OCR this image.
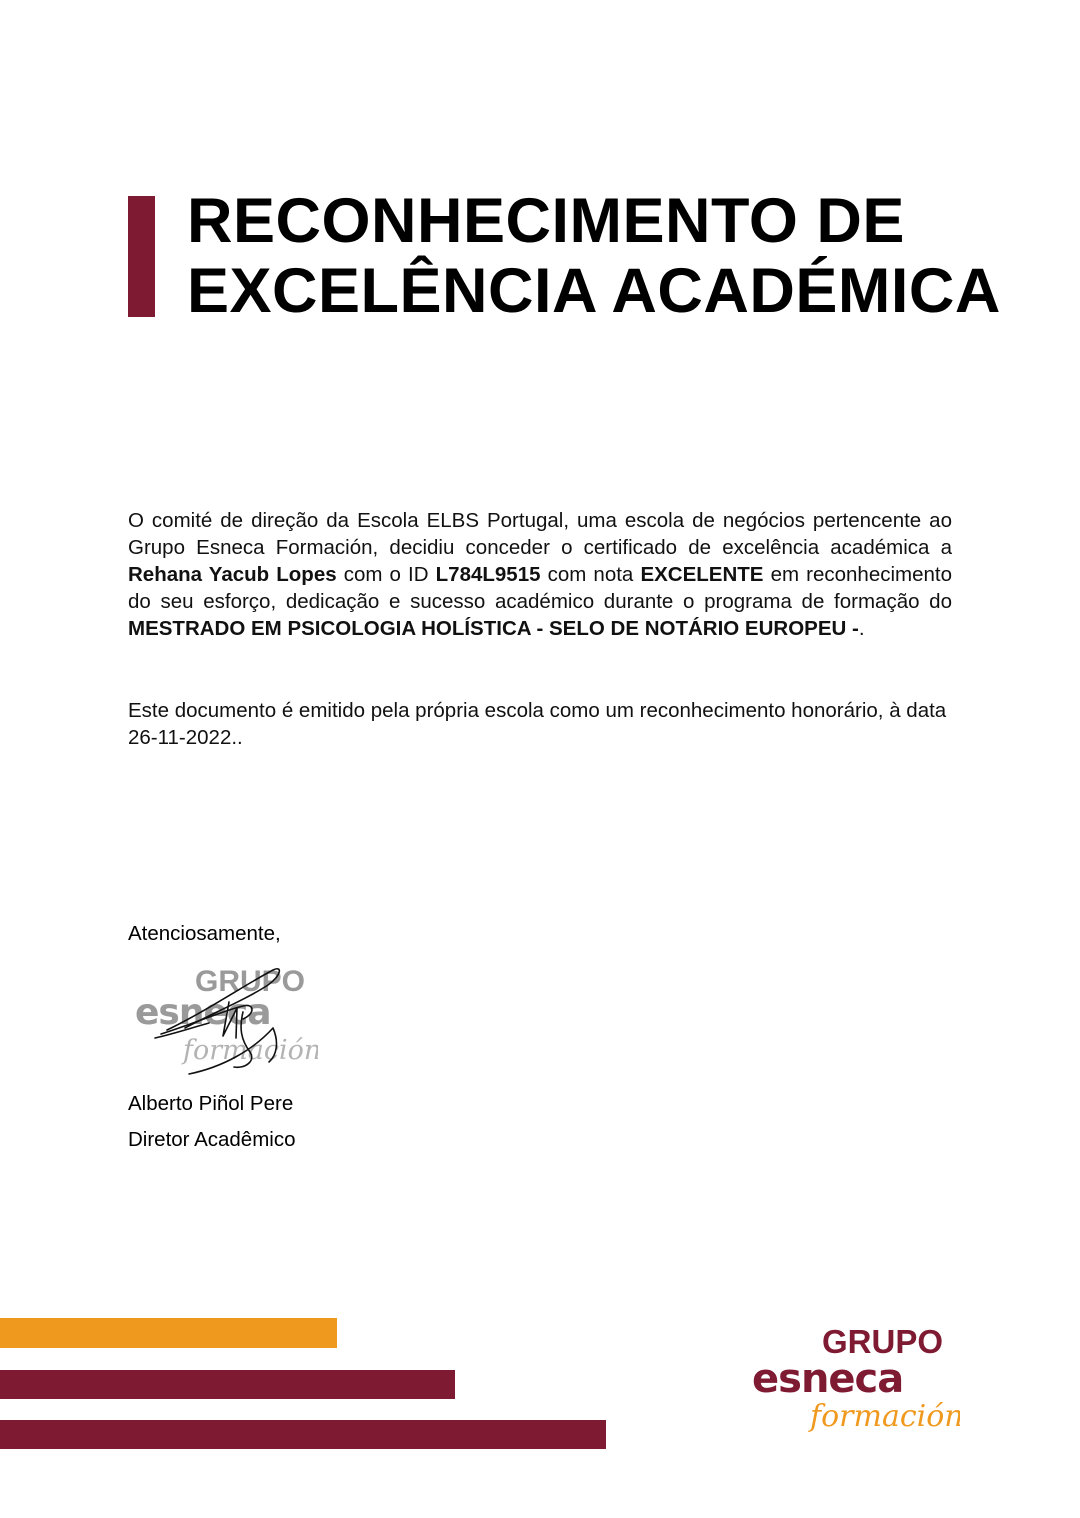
RECONHECIMENTO DE
EXCELÊNCIA ACADÉMICA

O comité de direção da Escola ELBS Portugal, uma escola de negócios pertencente ao Grupo Esneca Formación, decidiu conceder o certificado de excelência académica a Rehana Yacub Lopes com o ID L784L9515 com nota EXCELENTE em reconhecimento do seu esforço, dedicação e sucesso académico durante o programa de formação do MESTRADO EM PSICOLOGIA HOLÍSTICA - SELO DE NOTÁRIO EUROPEU -.

Este documento é emitido pela própria escola como um reconhecimento honorário, à data 26-11-2022..

Atenciosamente,

GRUPO
esneca
formación

Alberto Piñol Pere

Diretor Acadêmico

GRUPO
esneca
formación
